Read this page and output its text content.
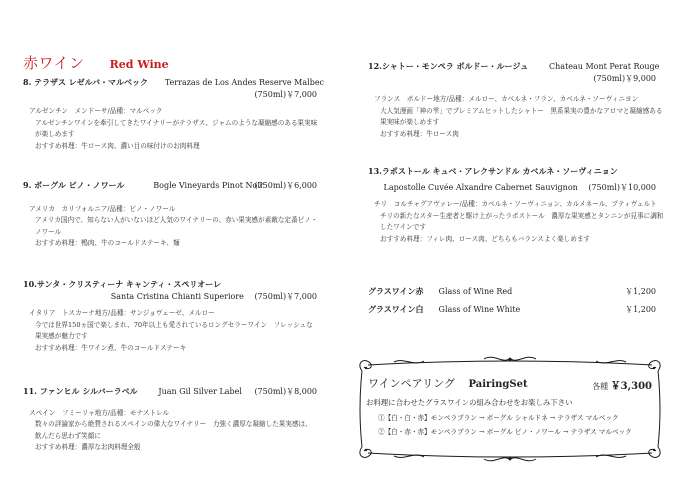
赤ワイン Red Wine
8. テラザス レゼルバ・マルベック Terrazas de Los Andes Reserve Malbec
(750ml)￥7,000
アルゼンチン　メンドーサ/品種：マルベック
アルゼンチンワインを牽引してきたワイナリーがテラザス、ジャムのような凝縮感のある果実味
が楽しめます
おすすめ料理：牛ロース肉、濃い目の味付けのお肉料理
9. ボーグル ピノ・ノワール	Bogle Vineyards Pinot Noir
(750ml)￥6,000
アメリカ　カリフォルニア/品種：ピノ・ノワール
アメリカ国内で、知らない人がいないほど人気のワイナリーの、赤い果実感が素敵な定番ピノ・
ノワール
おすすめ料理：鴨肉、牛のコールドステーキ、麺
10.サンタ・クリスティーナ キャンティ・スペリオーレ
Santa Cristina Chianti Superiore (750ml)￥7,000
イタリア　トスカーナ地方/品種：サンジョヴェーゼ、メルロー
今では世界150ヵ国で楽しまれ、70年以上も愛されているロングセラーワイン　フレッシュな
果実感が魅力です
おすすめ料理：牛ワイン煮、牛のコールドステーキ
11. ファンヒル シルバーラベル	Juan Gil Silver Label (750ml)￥8,000
スペイン　フミーリャ地方/品種：モナストレル
数々の評論家から絶賛されるスペインの偉大なワイナリー　力強く濃厚な凝縮した果実感は、
飲んだら思わず笑顔に
おすすめ料理：濃厚なお肉料理全般
12.シャトー・モンペラ ボルドー・ルージュ	Chateau Mont Perat Rouge
(750ml)￥9,000
フランス　ボルドー地方/品種：メルロー、カベルネ・フラン、カベルネ・ソーヴィニヨン
大人気漫画「神の雫」でプレミアムヒットしたシャトー　黒系果実の豊かなアロマと凝縮感ある
果実味が楽しめます
おすすめ料理：牛ロース肉
13.ラポストール キュベ・アレクサンドル カベルネ・ソーヴィニョン
Lapostolle Cuvée Alxandre Cabernet Sauvignon (750ml)￥10,000
チリ　コルチャグアヴァレー/品種：カベルネ・ソーヴィニョン、カルメネール、プティヴェルト
チリの新たなスター生産者と駆け上がったラポストール　濃厚な果実感とタンニンが見事に調和
したワインです
おすすめ料理：フィレ肉、ロース肉、どちらもバランスよく楽しめます
グラスワイン赤 Glass of Wine Red	￥1,200
グラスワイン白 Glass of Wine White	￥1,200
ワインペアリング PairingSet	各種 ￥3,300
お料理に合わせたグラスワインの組み合わせをお楽しみ下さい
①【白・白・赤】モンペラブラン → ボーグル シャルドネ → テラザス マルベック
②【白・赤・赤】モンペラブラン → ボーグル ピノ・ノワール → テラザス マルベック
